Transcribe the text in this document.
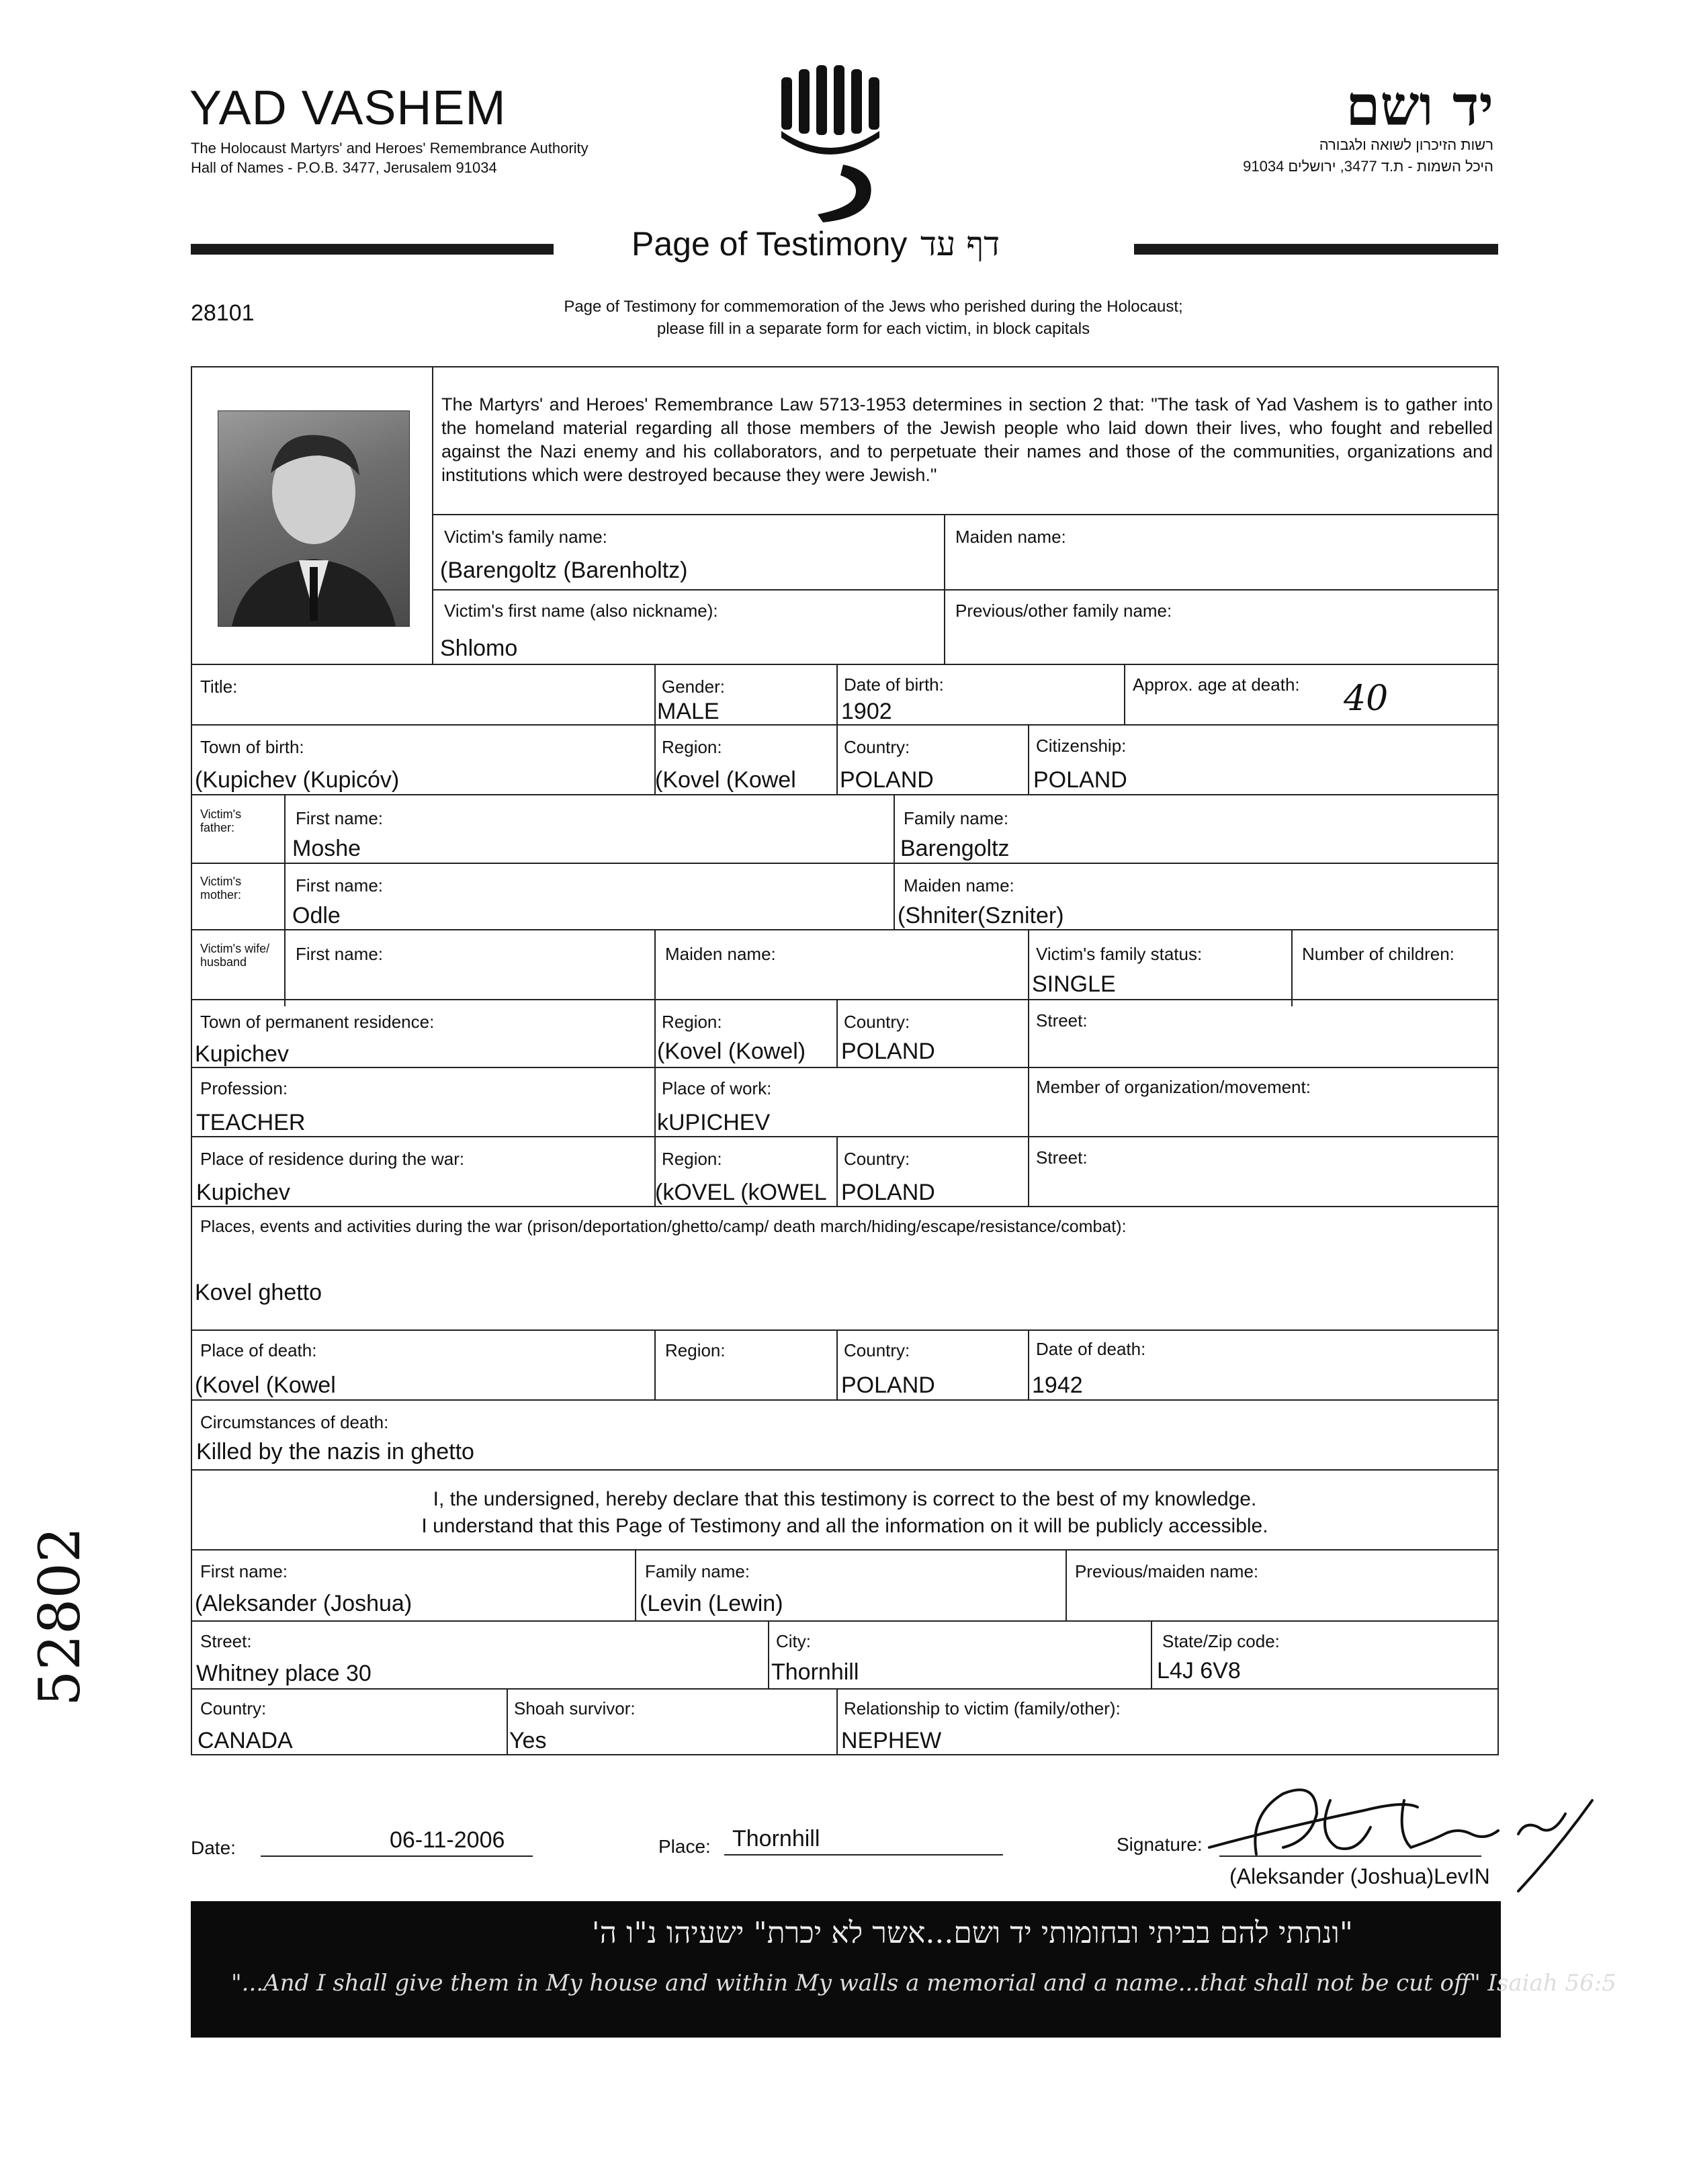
YAD VASHEM
The Holocaust Martyrs' and Heroes' Remembrance Authority
Hall of Names - P.O.B. 3477, Jerusalem 91034
יד ושם
רשות הזיכרון לשואה ולגבורה
היכל השמות - ת.ד 3477, ירושלים 91034
Page of Testimony דף עד
28101	Page of Testimony for commemoration of the Jews who perished during the Holocaust;
please fill in a separate form for each victim, in block capitals
The Martyrs' and Heroes' Remembrance Law 5713-1953 determines in section 2 that: "The task of Yad Vashem is to gather into the homeland material regarding all those members of the Jewish people who laid down their lives, who fought and rebelled against the Nazi enemy and his collaborators, and to perpetuate their names and those of the communities, organizations and institutions which were destroyed because they were Jewish."
Victim's family name:
(Barengoltz (Barenholtz)
Maiden name:
Victim's first name (also nickname):
Shlomo
Previous/other family name:
Title:	Gender:
MALE
Date of birth:
1902
Approx. age at death: 40
Town of birth:
(Kupichev (Kupicóv)
Region:
(Kovel (Kowel
Country:
POLAND
Citizenship:
POLAND
Victim's father:	First name:
Moshe
Family name:
Barengoltz
Victim's mother:	First name:
Odle
Maiden name:
(Shniter(Szniter)
Victim's wife/ husband	First name:	Maiden name:	Victim's family status:
SINGLE
Number of children:
Town of permanent residence:
Kupichev
Region:
(Kovel (Kowel)
Country:
POLAND
Street:
Profession:
TEACHER
Place of work:
kUPICHEV
Member of organization/movement:
Place of residence during the war:
Kupichev
Region:
(kOVEL (kOWEL
Country:
POLAND
Street:
Places, events and activities during the war (prison/deportation/ghetto/camp/ death march/hiding/escape/resistance/combat):
Kovel ghetto
Place of death:
(Kovel (Kowel
Region:	Country:
POLAND
Date of death:
1942
Circumstances of death:
Killed by the nazis in ghetto
I, the undersigned, hereby declare that this testimony is correct to the best of my knowledge.
I understand that this Page of Testimony and all the information on it will be publicly accessible.
First name:
(Aleksander (Joshua)
Family name:
(Levin (Lewin)
Previous/maiden name:
Street:
Whitney place 30
City:
Thornhill
State/Zip code:
L4J 6V8
Country:
CANADA
Shoah survivor:
Yes
Relationship to victim (family/other):
NEPHEW
Date:	06-11-2006	Place: Thornhill	Signature:
(Aleksander (Joshua)LevIN
"ונתתי להם בביתי ובחומותי יד ושם...אשר לא יכרת" ישעיהו נ"ו ה'
"...And I shall give them in My house and within My walls a memorial and a name...that shall not be cut off" Isaiah 56:5
52802
